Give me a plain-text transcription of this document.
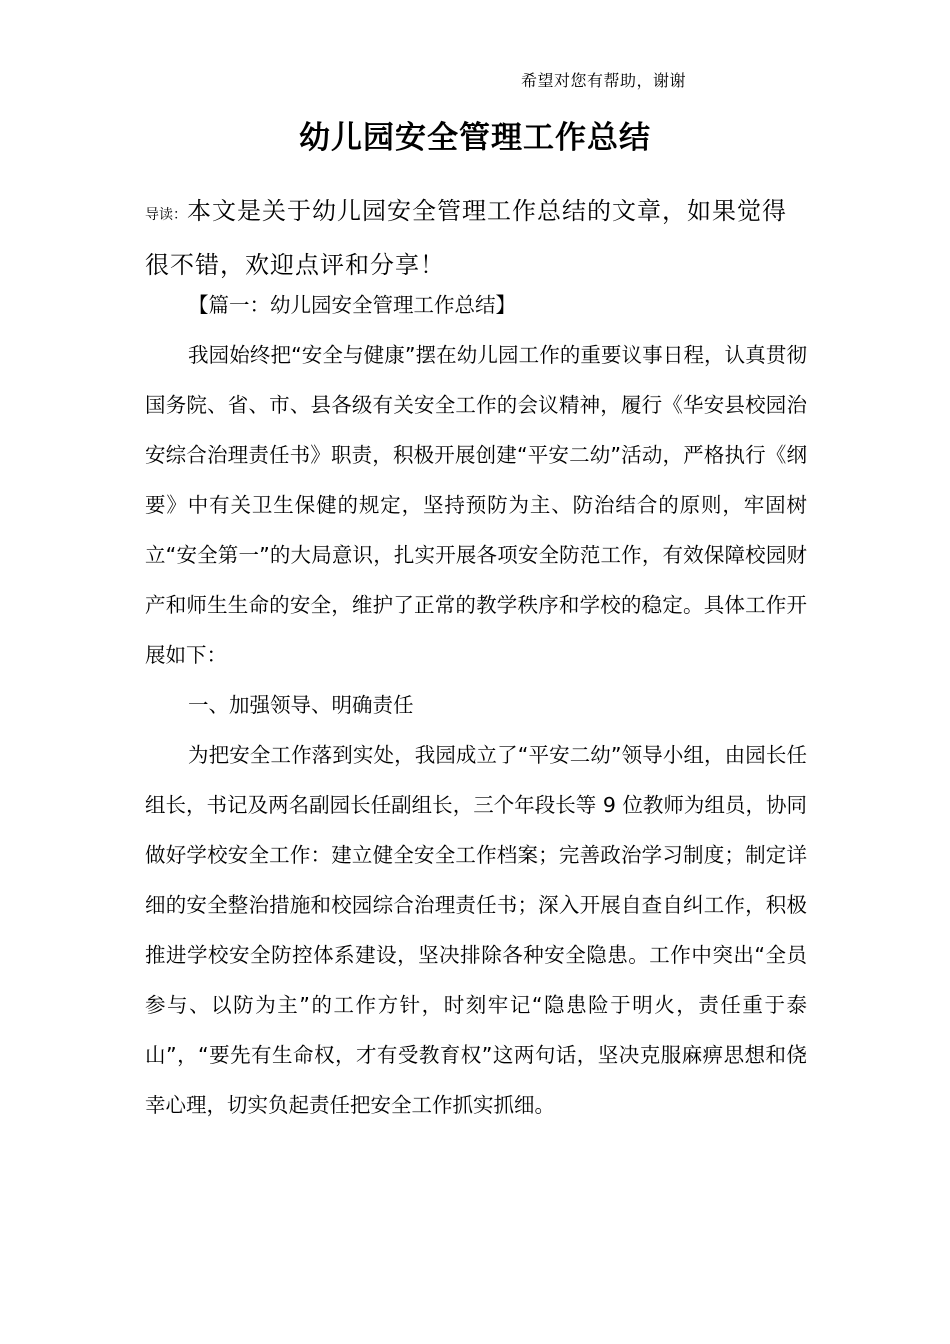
希望对您有帮助，谢谢
幼儿园安全管理工作总结
导读：本文是关于幼儿园安全管理工作总结的文章，如果觉得很不错，欢迎点评和分享！

【篇一：幼儿园安全管理工作总结】

我园始终把“安全与健康”摆在幼儿园工作的重要议事日程，认真贯彻国务院、省、市、县各级有关安全工作的会议精神，履行《华安县校园治安综合治理责任书》职责，积极开展创建“平安二幼”活动，严格执行《纲要》中有关卫生保健的规定，坚持预防为主、防治结合的原则，牢固树立“安全第一”的大局意识，扎实开展各项安全防范工作，有效保障校园财产和师生生命的安全，维护了正常的教学秩序和学校的稳定。具体工作开展如下：

一、加强领导、明确责任

为把安全工作落到实处，我园成立了“平安二幼”领导小组，由园长任组长，书记及两名副园长任副组长，三个年段长等 9 位教师为组员，协同做好学校安全工作：建立健全安全工作档案；完善政治学习制度；制定详细的安全整治措施和校园综合治理责任书；深入开展自查自纠工作，积极推进学校安全防控体系建设，坚决排除各种安全隐患。工作中突出“全员参与、以防为主”的工作方针，时刻牢记“隐患险于明火，责任重于泰山”，“要先有生命权，才有受教育权”这两句话，坚决克服麻痹思想和侥幸心理，切实负起责任把安全工作抓实抓细。
